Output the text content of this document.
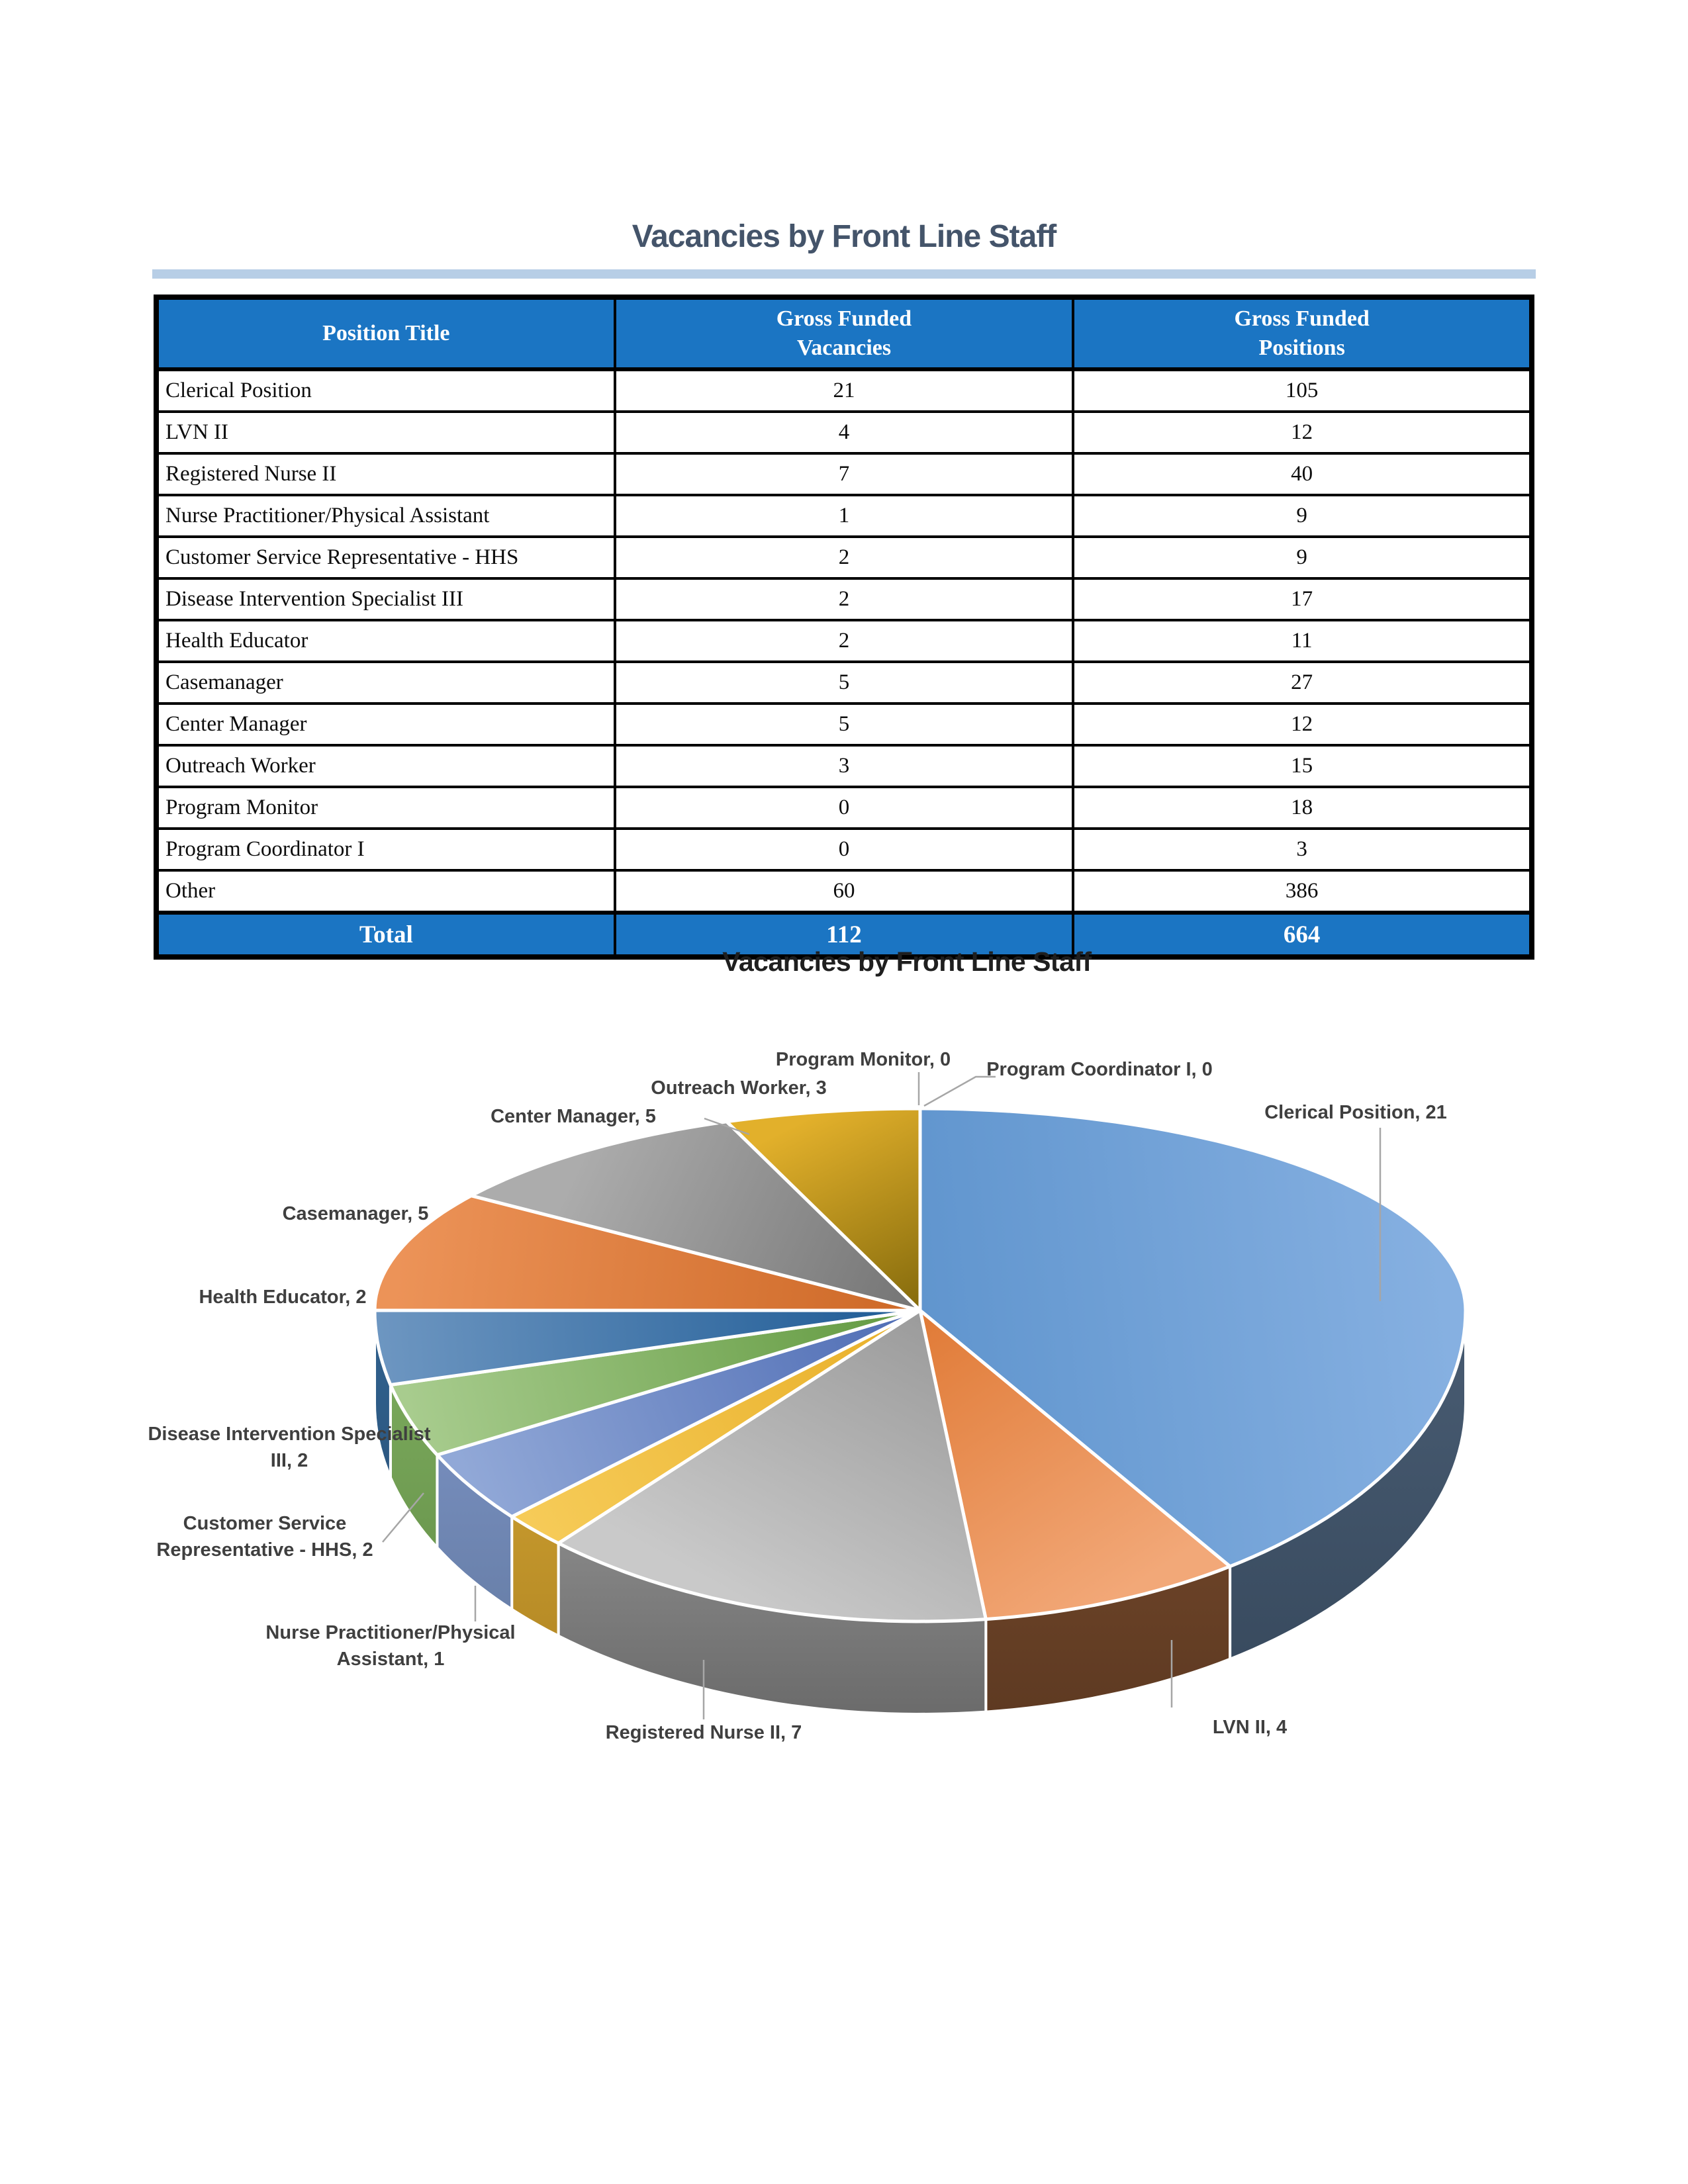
Vacancies by Front Line Staff
Position Title

Gross Funded
Vacancies

Gross Funded
Positions

Clerical Position	21	105
LVN II	4	12
Registered Nurse II	7	40
Nurse Practitioner/Physical Assistant	1	9
Customer Service Representative - HHS	2	9
Disease Intervention Specialist III	2	17
Health Educator	2	11
Casemanager	5	27
Center Manager	5	12
Outreach Worker	3	15
Program Monitor	0	18
Program Coordinator I	0	3
Other	60	386
Total	112	664
Vacancies by Front Line Staff
Clerical Position, 21
LVN II, 4
Registered Nurse II, 7
Nurse Practitioner/Physical
Assistant, 1
Customer Service
Representative - HHS, 2
Disease Intervention Specialist
III, 2
Health Educator, 2
Casemanager, 5
Center Manager, 5
Outreach Worker, 3
Program Monitor, 0 Program Coordinator I, 0
